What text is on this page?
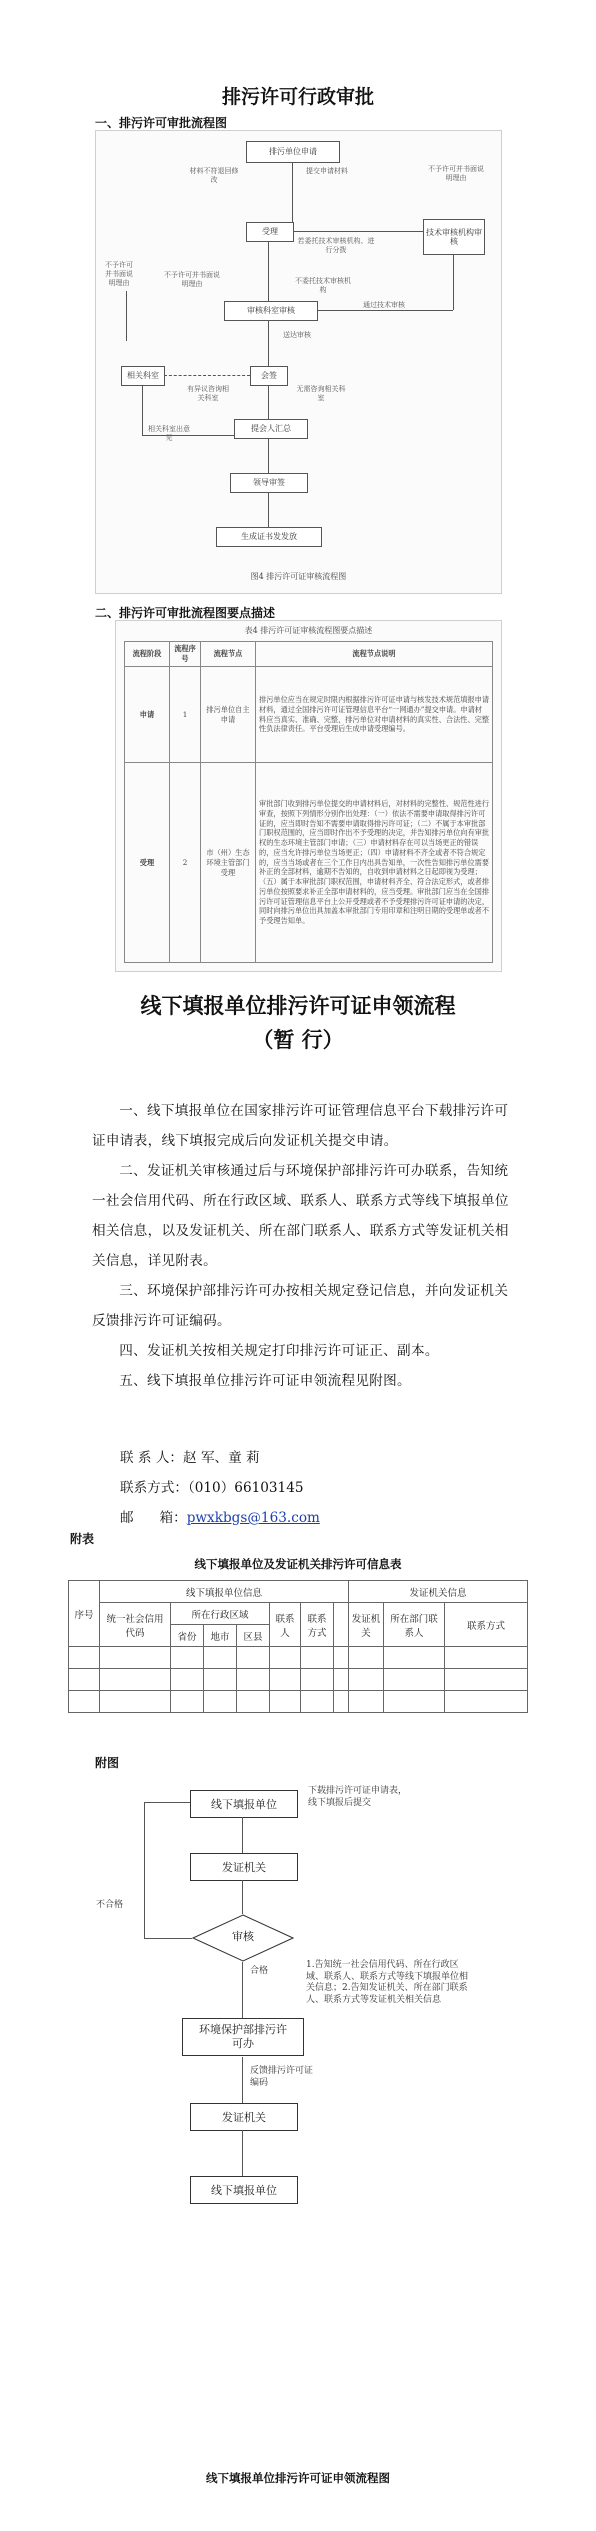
排污许可行政审批
一、排污许可审批流程图
排污单位申请
材料不符退回修改
提交申请材料	不予许可并书面说明理由
受理
若委托技术审核机构、进行分拨
技术审核机构审核
不予许可并书面说明理由
不予许可并书面说明理由	不委托技术审核机构
审核科室审核
通过技术审核
送达审核
相关科室	会签
有异议咨询相关科室
无需咨询相关科室
相关科室出意见
提会人汇总
领导审签
生成证书发发放
图4 排污许可证审核流程图
二、排污许可审批流程图要点描述
表4 排污许可证审核流程图要点描述
流程阶段	流程序号	流程节点	流程节点说明
申请	1	排污单位自主申请	排污单位应当在规定时限内根据排污许可证申请与核发技术规范填报申请材料，通过全国排污许可证管理信息平台“一网通办”提交申请。申请材料应当真实、准确、完整，排污单位对申请材料的真实性、合法性、完整性负法律责任。平台受理后生成申请受理编号。
受理	2	市（州）生态环境主管部门受理	审批部门收到排污单位提交的申请材料后，对材料的完整性、规范性进行审查，按照下列情形分别作出处理：（一）依法不需要申请取得排污许可证的，应当即时告知不需要申请取得排污许可证；（二）不属于本审批部门职权范围的，应当即时作出不予受理的决定，并告知排污单位向有审批权的生态环境主管部门申请；（三）申请材料存在可以当场更正的错误的，应当允许排污单位当场更正；（四）申请材料不齐全或者不符合规定的，应当当场或者在三个工作日内出具告知单，一次性告知排污单位需要补正的全部材料，逾期不告知的，自收到申请材料之日起即视为受理；（五）属于本审批部门职权范围，申请材料齐全、符合法定形式，或者排污单位按照要求补正全部申请材料的，应当受理。审批部门应当在全国排污许可证管理信息平台上公开受理或者不予受理排污许可证申请的决定，同时向排污单位出具加盖本审批部门专用印章和注明日期的受理单或者不予受理告知单。
线下填报单位排污许可证申领流程
（暂 行）
一、线下填报单位在国家排污许可证管理信息平台下载排污许可证申请表，线下填报完成后向发证机关提交申请。
二、发证机关审核通过后与环境保护部排污许可办联系，告知统一社会信用代码、所在行政区域、联系人、联系方式等线下填报单位相关信息，以及发证机关、所在部门联系人、联系方式等发证机关相关信息，详见附表。
三、环境保护部排污许可办按相关规定登记信息，并向发证机关反馈排污许可证编码。
四、发证机关按相关规定打印排污许可证正、副本。
五、线下填报单位排污许可证申领流程见附图。
联 系 人：赵 军、童 莉
联系方式：（010）66103145
邮      箱：pwxkbgs@163.com
附表
线下填报单位及发证机关排污许可信息表
序号	线下填报单位信息							发证机关信息		
	统一社会信用代码	所在行政区域			联系人	联系方式		发证机关	所在部门联系人	联系方式
		省份	地市	区县						

附图
线下填报单位
下载排污许可证申请表，线下填报后提交
发证机关
审核
不合格
合格
1.告知统一社会信用代码、所在行政区域、联系人、联系方式等线下填报单位相关信息；2.告知发证机关、所在部门联系人、联系方式等发证机关相关信息
环境保护部排污许可办
反馈排污许可证编码
发证机关
线下填报单位
线下填报单位排污许可证申领流程图
